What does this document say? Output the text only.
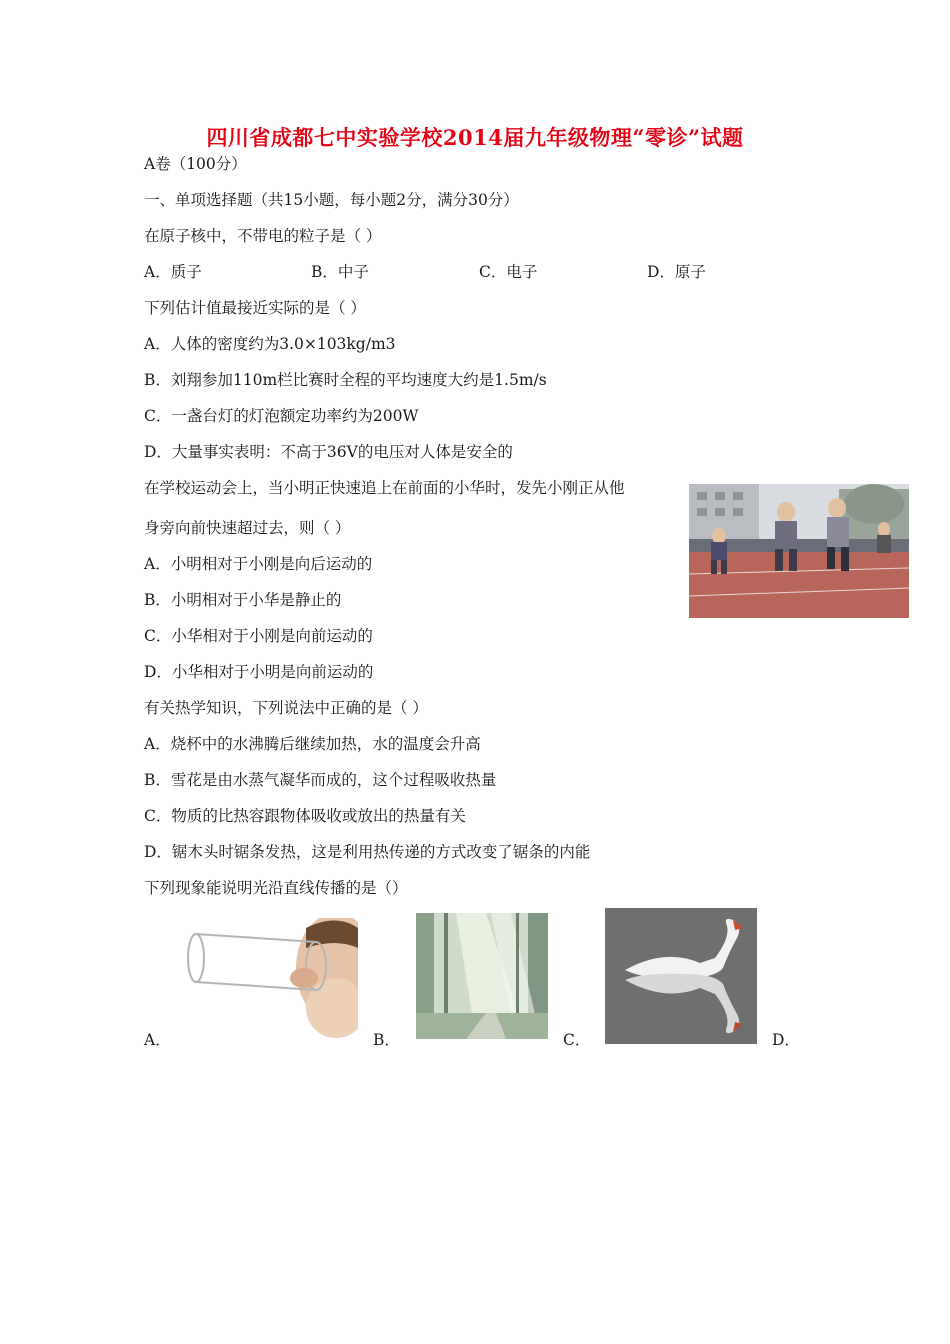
四川省成都七中实验学校2014届九年级物理“零诊”试题
A卷（100分）
一、单项选择题（共15小题，每小题2分，满分30分）
在原子核中，不带电的粒子是（ ）
A．质子	B．中子	C．电子	D．原子
下列估计值最接近实际的是（ ）
A．人体的密度约为3.0×103kg/m3
B．刘翔参加110m栏比赛时全程的平均速度大约是1.5m/s
C．一盏台灯的灯泡额定功率约为200W
D．大量事实表明：不高于36V的电压对人体是安全的
在学校运动会上，当小明正快速追上在前面的小华时，发先小刚正从他
身旁向前快速超过去，则（ ）
A．小明相对于小刚是向后运动的
B．小明相对于小华是静止的
C．小华相对于小刚是向前运动的
D．小华相对于小明是向前运动的
有关热学知识，下列说法中正确的是（ ）
A．烧杯中的水沸腾后继续加热，水的温度会升高
B．雪花是由水蒸气凝华而成的，这个过程吸收热量
C．物质的比热容跟物体吸收或放出的热量有关
D．锯木头时锯条发热，这是利用热传递的方式改变了锯条的内能
下列现象能说明光沿直线传播的是（）
A．	B．	C．	D．
